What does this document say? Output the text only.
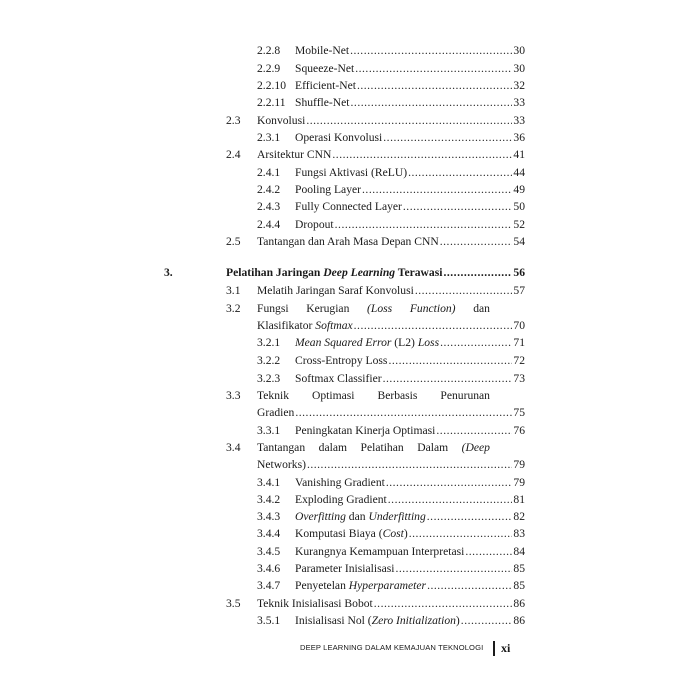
2.2.8 Mobile-Net .....	30
2.2.9 Squeeze-Net .....	30
2.2.10 Efficient-Net .....	32
2.2.11 Shuffle-Net .....	33
2.3 Konvolusi .....	33
2.3.1 Operasi Konvolusi .....	36
2.4 Arsitektur CNN .....	41
2.4.1 Fungsi Aktivasi (ReLU) .....	44
2.4.2 Pooling Layer .....	49
2.4.3 Fully Connected Layer .....	50
2.4.4 Dropout .....	52
2.5 Tantangan dan Arah Masa Depan CNN .....	54
3.	Pelatihan Jaringan Deep Learning Terawasi .....	56
3.1 Melatih Jaringan Saraf Konvolusi .....	57
3.2 Fungsi Kerugian (Loss Function) dan
Klasifikator Softmax .....	70
3.2.1 Mean Squared Error (L2) Loss .....	71
3.2.2 Cross-Entropy Loss .....	72
3.2.3 Softmax Classifier .....	73
3.3 Teknik Optimasi Berbasis Penurunan
Gradien .....	75
3.3.1 Peningkatan Kinerja Optimasi .....	76
3.4 Tantangan dalam Pelatihan Dalam (Deep
Networks) .....	79
3.4.1 Vanishing Gradient .....	79
3.4.2 Exploding Gradient .....	81
3.4.3 Overfitting dan Underfitting .....	82
3.4.4 Komputasi Biaya (Cost) .....	83
3.4.5 Kurangnya Kemampuan Interpretasi .....	84
3.4.6 Parameter Inisialisasi .....	85
3.4.7 Penyetelan Hyperparameter .....	85
3.5 Teknik Inisialisasi Bobot .....	86
3.5.1 Inisialisasi Nol (Zero Initialization) .....	86
DEEP LEARNING DALAM KEMAJUAN TEKNOLOGI xi
